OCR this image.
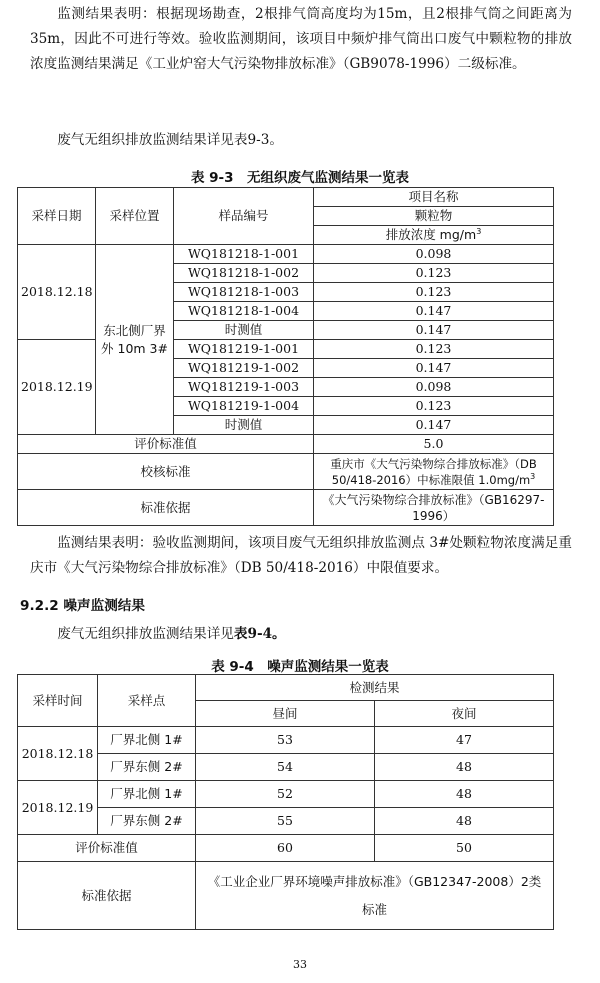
监测结果表明：根据现场勘查，2根排气筒高度均为15m，且2根排气筒之间距离为35m，因此不可进行等效。验收监测期间，该项目中频炉排气筒出口废气中颗粒物的排放浓度监测结果满足《工业炉窑大气污染物排放标准》（GB9078-1996）二级标准。

废气无组织排放监测结果详见表9-3。

表 9-3　无组织废气监测结果一览表
采样日期	采样位置	样品编号	项目名称
			颗粒物
			排放浓度 $mg/m^3$
2018.12.18	东北侧厂界外 10m 3#	WQ181218-1-001	0.098
		WQ181218-1-002	0.123
		WQ181218-1-003	0.123
		WQ181218-1-004	0.147
		时测值	0.147
2018.12.19		WQ181219-1-001	0.123
		WQ181219-1-002	0.147
		WQ181219-1-003	0.098
		WQ181219-1-004	0.123
		时测值	0.147
评价标准值			5.0
校核标准			重庆市《大气污染物综合排放标准》（DB 50/418-2016）中标准限值 $1.0mg/m^3$
标准依据			《大气污染物综合排放标准》（GB16297-1996）

监测结果表明：验收监测期间，该项目废气无组织排放监测点 3#处颗粒物浓度满足重庆市《大气污染物综合排放标准》（DB 50/418-2016）中限值要求。

9.2.2 噪声监测结果

废气无组织排放监测结果详见表9-4。

表 9-4　噪声监测结果一览表
采样时间	采样点	检测结果	
		昼间	夜间
2018.12.18	厂界北侧 1#	53	47
	厂界东侧 2#	54	48
2018.12.19	厂界北侧 1#	52	48
	厂界东侧 2#	55	48
评价标准值		60	50
标准依据		《工业企业厂界环境噪声排放标准》（GB12347-2008）2类标准	
33
